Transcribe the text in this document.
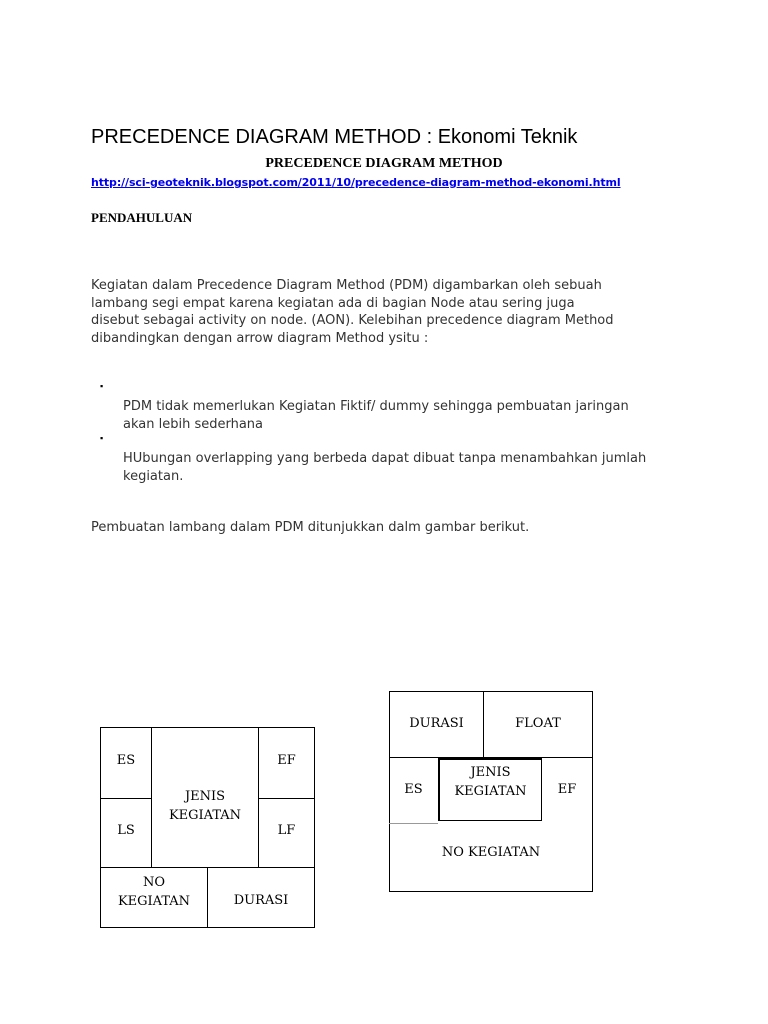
PRECEDENCE DIAGRAM METHOD : Ekonomi Teknik
PRECEDENCE DIAGRAM METHOD
http://sci-geoteknik.blogspot.com/2011/10/precedence-diagram-method-ekonomi.html
PENDAHULUAN
Kegiatan dalam Precedence Diagram Method (PDM) digambarkan oleh sebuah
lambang segi empat karena kegiatan ada di bagian Node atau sering juga
disebut sebagai activity on node. (AON). Kelebihan precedence diagram Method
dibandingkan dengan arrow diagram Method ysitu :
▪
PDM tidak memerlukan Kegiatan Fiktif/ dummy sehingga pembuatan jaringan
akan lebih sederhana
▪
HUbungan overlapping yang berbeda dapat dibuat tanpa menambahkan jumlah
kegiatan.
Pembuatan lambang dalam PDM ditunjukkan dalm gambar berikut.
ES	EF
LS	LF
JENIS
KEGIATAN
NO
KEGIATAN	DURASI
DURASI	FLOAT
ES	EF
JENIS
KEGIATAN
NO KEGIATAN
